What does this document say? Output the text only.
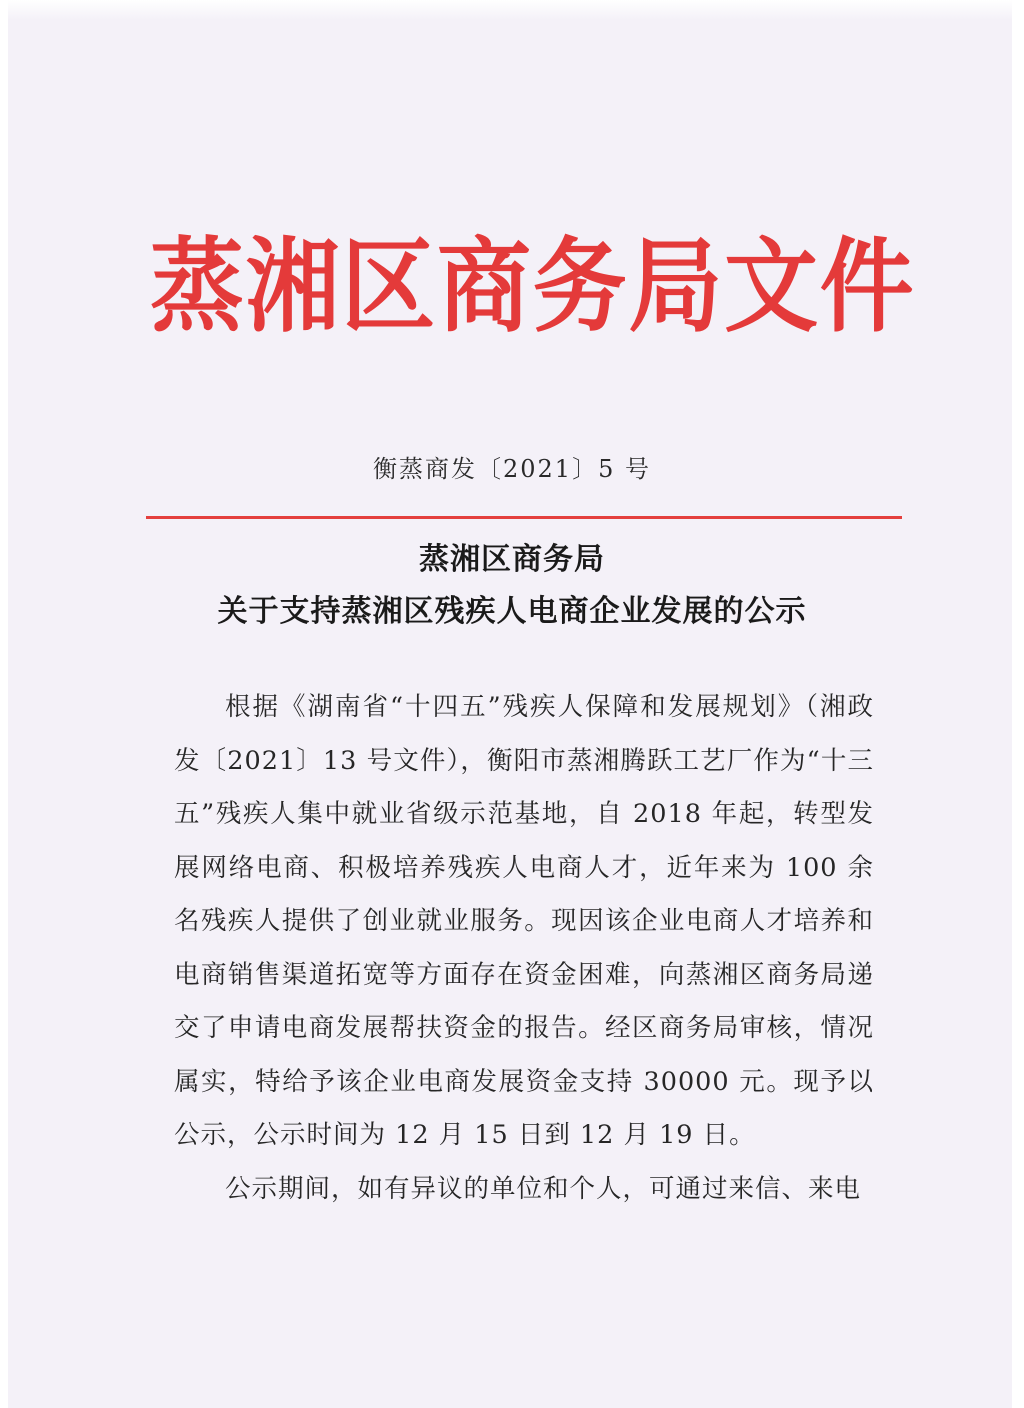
蒸湘区商务局文件
衡蒸商发〔2021〕5 号
蒸湘区商务局
关于支持蒸湘区残疾人电商企业发展的公示

根据《湖南省“十四五”残疾人保障和发展规划》（湘政发〔2021〕13 号文件），衡阳市蒸湘腾跃工艺厂作为“十三五”残疾人集中就业省级示范基地，自 2018 年起，转型发展网络电商、积极培养残疾人电商人才，近年来为 100 余名残疾人提供了创业就业服务。现因该企业电商人才培养和电商销售渠道拓宽等方面存在资金困难，向蒸湘区商务局递交了申请电商发展帮扶资金的报告。经区商务局审核，情况属实，特给予该企业电商发展资金支持 30000 元。现予以公示，公示时间为 12 月 15 日到 12 月 19 日。

公示期间，如有异议的单位和个人，可通过来信、来电
